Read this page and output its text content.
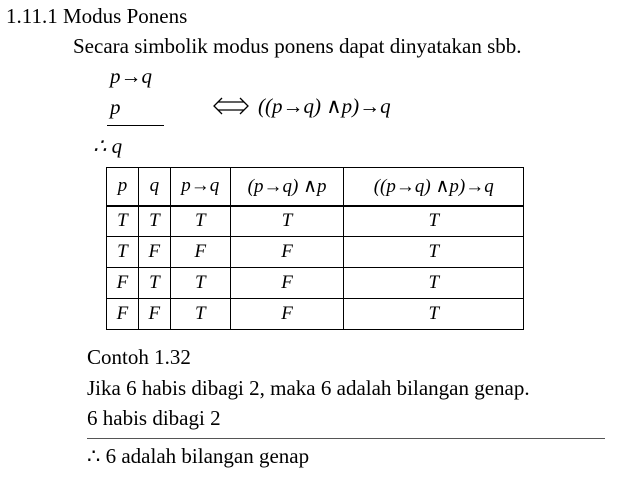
1.11.1 Modus Ponens
Secara simbolik modus ponens dapat dinyatakan sbb.
p→q
p
∴ q
((p→q) ∧p)→q
p	q	p→q	(p→q) ∧p	((p→q) ∧p)→q
T	T	T	T	T
T	F	F	F	T
F	T	T	F	T
F	F	T	F	T
Contoh 1.32
Jika 6 habis dibagi 2, maka 6 adalah bilangan genap.
6 habis dibagi 2
∴ 6 adalah bilangan genap
